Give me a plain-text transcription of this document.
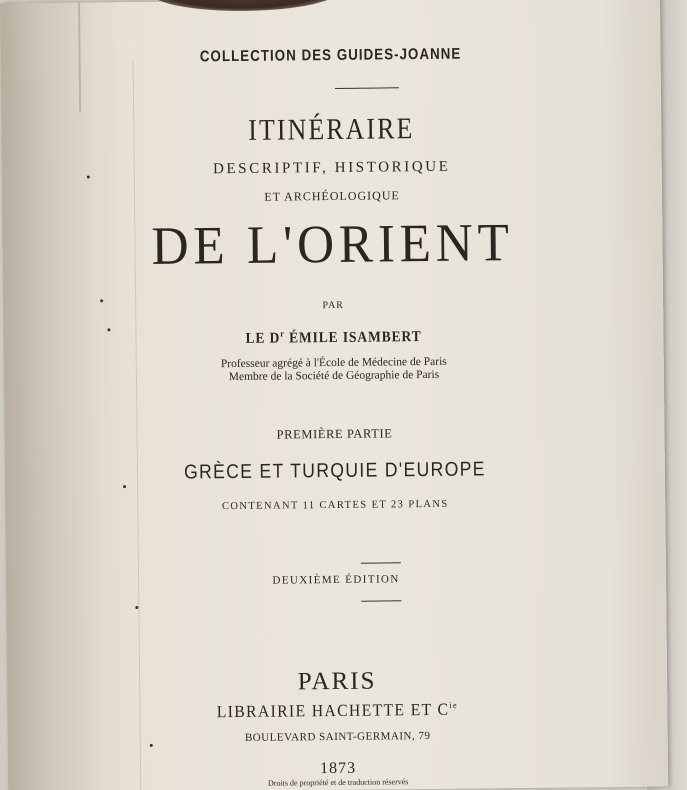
COLLECTION DES GUIDES-JOANNE
ITINÉRAIRE
DESCRIPTIF, HISTORIQUE
ET ARCHÉOLOGIQUE
DE L'ORIENT
PAR
LE $D^r$ ÉMILE ISAMBERT
Professeur agrégé à l'École de Médecine de Paris
Membre de la Société de Géographie de Paris
PREMIÈRE PARTIE
GRÈCE ET TURQUIE D'EUROPE
CONTENANT 11 CARTES ET 23 PLANS
DEUXIÈME ÉDITION
PARIS
LIBRAIRIE HACHETTE ET $C^{ie}$
BOULEVARD SAINT-GERMAIN, 79
1873
Droits de propriété et de traduction réservés
